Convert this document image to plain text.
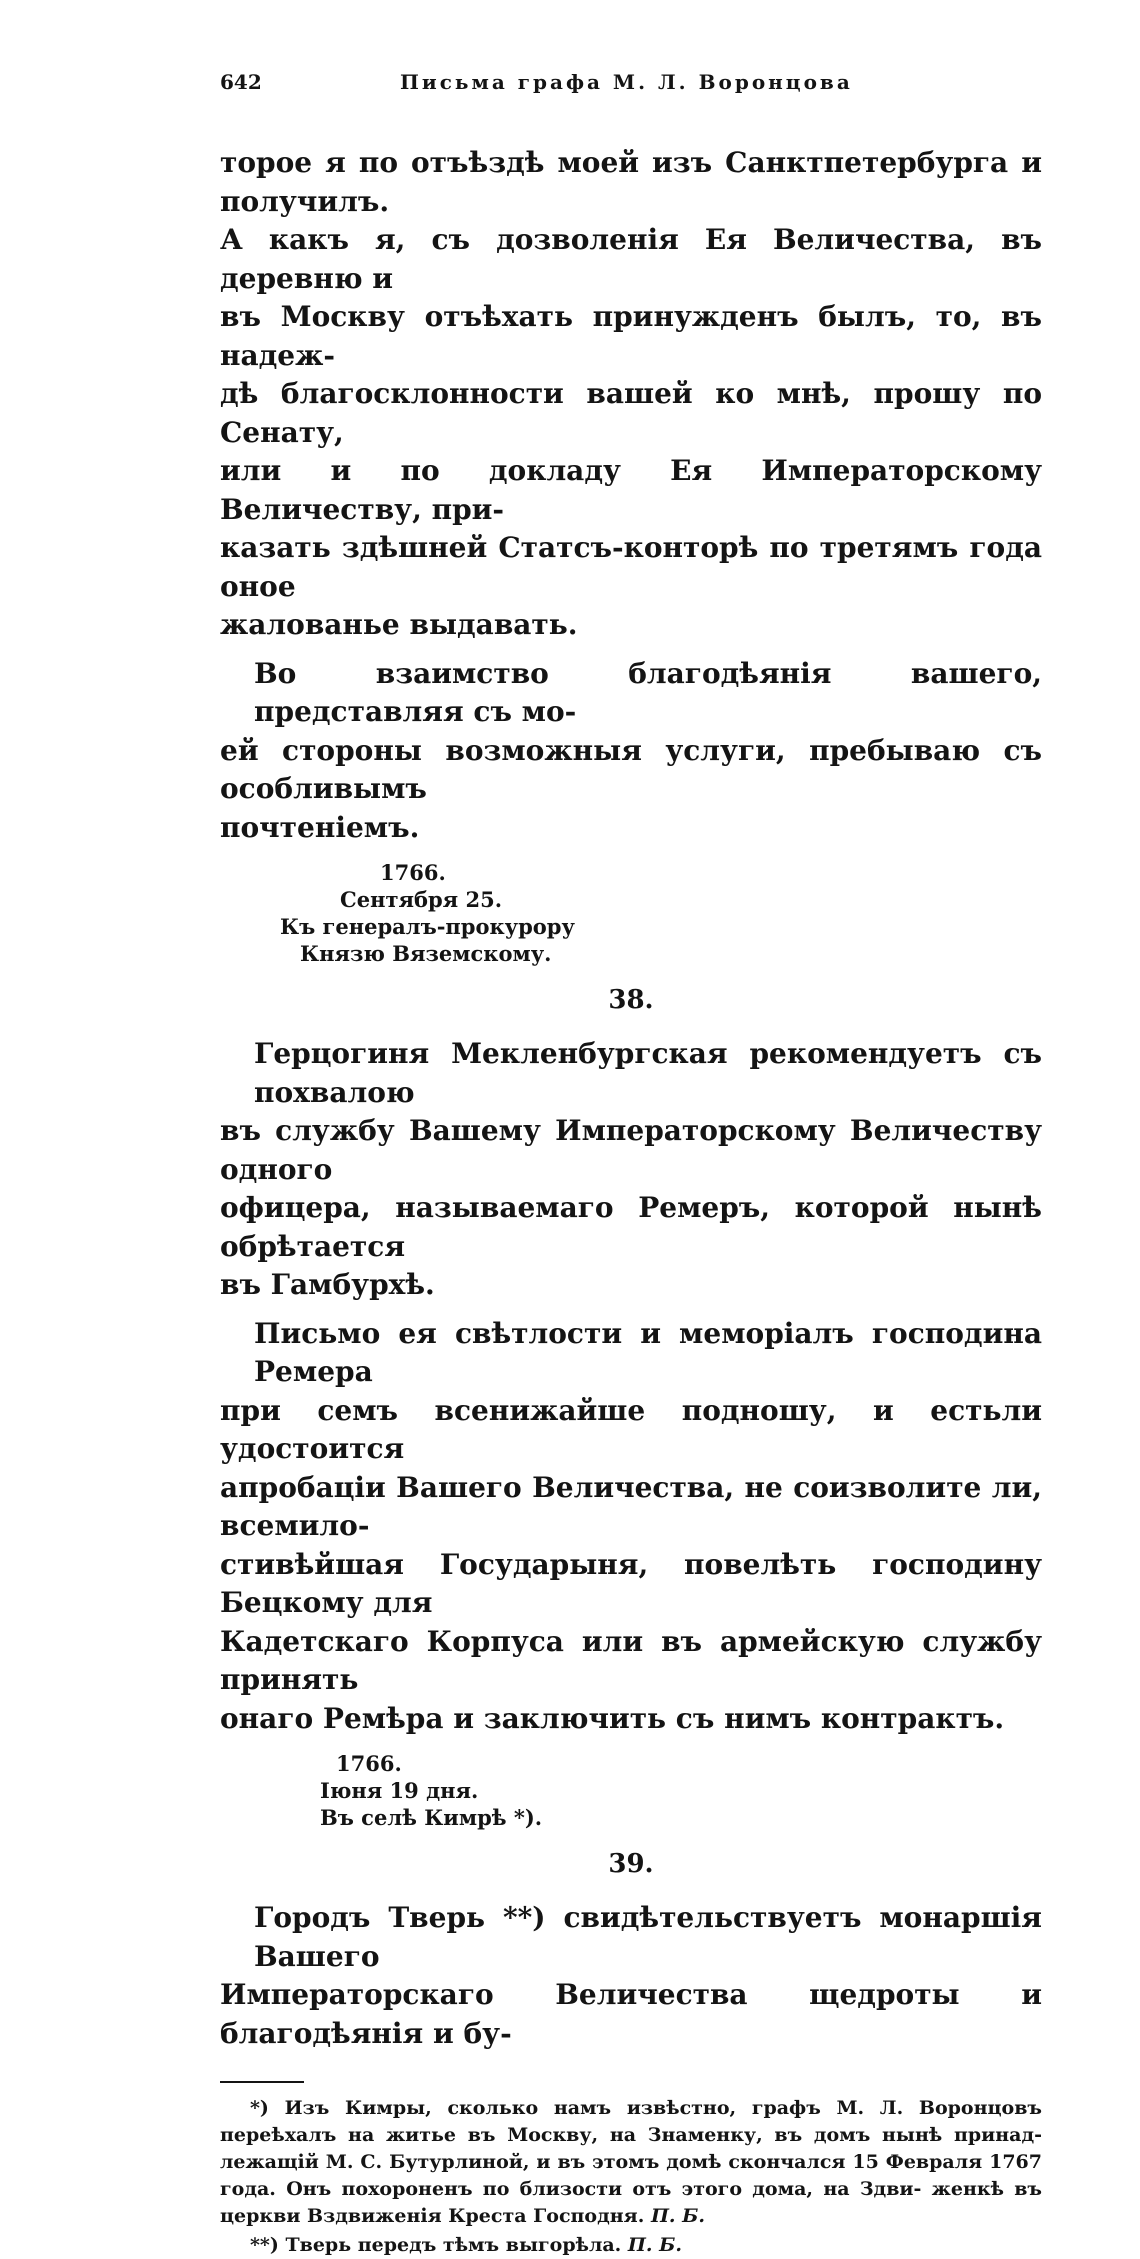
642	Письма графа М. Л. Воронцова

торое я по отъѣздѣ моей изъ Санктпетербурга и получилъ.
А какъ я, съ дозволенія Ея Величества, въ деревню и
въ Москву отъѣхать принужденъ былъ, то, въ надеж-
дѣ благосклонности вашей ко мнѣ, прошу по Сенату,
или и по докладу Ея Императорскому Величеству, при-
казать здѣшней Статсъ-конторѣ по третямъ года оное
жалованье выдавать.

Во взаимство благодѣянія вашего, представляя съ мо-
ей стороны возможныя услуги, пребываю съ особливымъ
почтеніемъ.

1766.
Сентября 25.
Къ генералъ-прокурору
Князю Вяземскому.
38.

Герцогиня Мекленбургская рекомендуетъ съ похвалою
въ службу Вашему Императорскому Величеству одного
офицера, называемаго Ремеръ, которой нынѣ обрѣтается
въ Гамбурхѣ.

Письмо ея свѣтлости и меморіалъ господина Ремера
при семъ всенижайше подношу, и естьли удостоится
апробаціи Вашего Величества, не соизволите ли, всемило-
стивѣйшая Государыня, повелѣть господину Бецкому для
Кадетскаго Корпуса или въ армейскую службу принять
онаго Ремѣра и заключить съ нимъ контрактъ.

1766.
Іюня 19 дня.
Въ селѣ Кимрѣ *).
39.

Городъ Тверь **) свидѣтельствуетъ монаршія Вашего
Императорскаго Величества щедроты и благодѣянія и бу-

*) Изъ Кимры, сколько намъ извѣстно, графъ М. Л. Воронцовъ переѣхалъ на житье въ Москву, на Знаменку, въ домъ нынѣ принад- лежащій М. С. Бутурлиной, и въ этомъ домѣ скончался 15 Февраля 1767 года. Онъ похороненъ по близости отъ этого дома, на Здви- женкѣ въ церкви Вздвиженія Креста Господня. П. Б.

**) Тверь передъ тѣмъ выгорѣла. П. Б.
